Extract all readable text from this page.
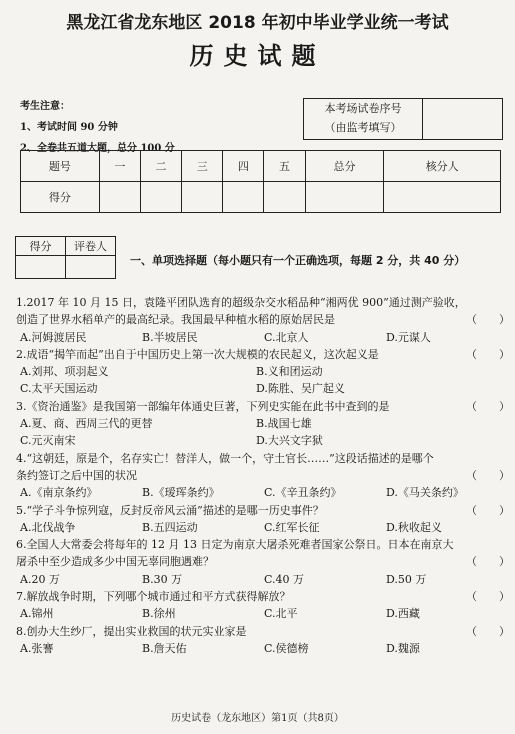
黑龙江省龙东地区 2018 年初中毕业学业统一考试
历史试题
考生注意：
1、考试时间 90 分钟
2、全卷共五道大题，总分 100 分
本考场试卷序号
（由监考填写）
题号	一	二	三	四	五	总分	核分人
得分							
得分	评卷人

一、单项选择题（每小题只有一个正确选项，每题 2 分，共 40 分）
1.2017 年 10 月 15 日，袁隆平团队选育的超级杂交水稻品种“湘两优 900”通过测产验收，
创造了世界水稻单产的最高纪录。我国最早种植水稻的原始居民是	（　　）
A.河姆渡居民	B.半坡居民	C.北京人	D.元谋人
2.成语“揭竿而起”出自于中国历史上第一次大规模的农民起义，这次起义是	（　　）
A.刘邦、项羽起义	B.义和团运动
C.太平天国运动	D.陈胜、吴广起义
3.《资治通鉴》是我国第一部编年体通史巨著，下列史实能在此书中查到的是	（　　）
A.夏、商、西周三代的更替	B.战国七雄
C.元灭南宋	D.大兴文字狱
4.“这朝廷，原是个，名存实亡！替洋人，做一个，守土官长……”这段话描述的是哪个
条约签订之后中国的状况	（　　）
A.《南京条约》	B.《瑷珲条约》	C.《辛丑条约》	D.《马关条约》
5.“学子斗争惊列寇，反封反帝风云涌”描述的是哪一历史事件？	（　　）
A.北伐战争	B.五四运动	C.红军长征	D.秋收起义
6.全国人大常委会将每年的 12 月 13 日定为南京大屠杀死难者国家公祭日。日本在南京大
屠杀中至少造成多少中国无辜同胞遇难？	（　　）
A.20 万	B.30 万	C.40 万	D.50 万
7.解放战争时期，下列哪个城市通过和平方式获得解放？	（　　）
A.锦州	B.徐州	C.北平	D.西藏
8.创办大生纱厂，提出实业救国的状元实业家是	（　　）
A.张謇	B.詹天佑	C.侯德榜	D.魏源
历史试卷（龙东地区）第1页（共8页）
